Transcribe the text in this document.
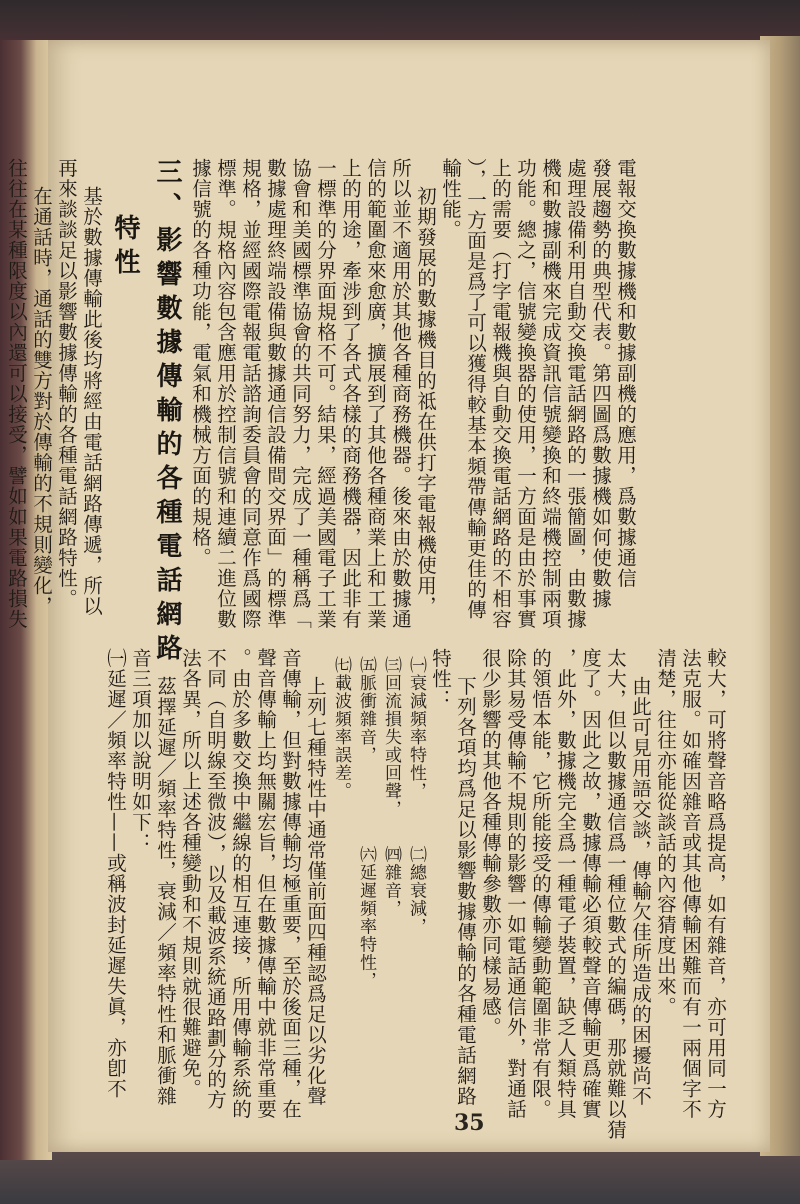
電報交換數據機和數據副機的應用，爲數據通信
發展趨勢的典型代表。第四圖爲數據機如何使數據
處理設備利用自動交換電話網路的一張簡圖，由數據
機和數據副機來完成資訊信號變換和終端機控制兩項
功能。總之，信號變換器的使用，一方面是由於事實
上的需要（打字電報機與自動交換電話網路的不相容
），一方面是爲了可以獲得較基本頻帶傳輸更佳的傳
輸性能。
初期發展的數據機目的祗在供打字電報機使用，
所以並不適用於其他各種商務機器。後來由於數據通
信的範圍愈來愈廣，擴展到了其他各種商業上和工業
上的用途，牽涉到了各式各樣的商務機器，因此非有
一標準的分界面規格不可。結果，經過美國電子工業
協會和美國標準協會的共同努力，完成了一種稱爲「
數據處理終端設備與數據通信設備間交界面」的標準
規格，並經國際電報電話諮詢委員會的同意作爲國際
標準。規格內容包含應用於控制信號和連續二進位數
據信號的各種功能，電氣和機械方面的規格。
三、影響數據傳輸的各種電話網路
特性
基於數據傳輸此後均將經由電話網路傳遞，所以
再來談談足以影響數據傳輸的各種電話網路特性。
在通話時，通話的雙方對於傳輸的不規則變化，
往往在某種限度以內還可以接受，譬如如果電路損失
較大，可將聲音略爲提高，如有雜音，亦可用同一方
法克服。如確因雜音或其他傳輸困難而有一兩個字不
清楚，往往亦能從談話的內容猜度出來。
由此可見用語交談，傳輸欠佳所造成的困擾尚不
太大，但以數據通信爲一種位數式的編碼，那就難以猜
度了。因此之故，數據傳輸必須較聲音傳輸更爲確實
，此外，數據機完全爲一種電子裝置，缺乏人類特具
的領悟本能，它所能接受的傳輸變動範圍非常有限。
除其易受傳輸不規則的影響一如電話通信外，對通話
很少影響的其他各種傳輸參數亦同樣易感。
下列各項均爲足以影響數據傳輸的各種電話網路
特性：
㈠衰減頻率特性，　　　㈡總衰減，
㈢回流損失或回聲，　　㈣雜音，
㈤脈衝雜音，　　　　　㈥延遲頻率特性，
㈦載波頻率誤差。
上列七種特性中通常僅前面四種認爲足以劣化聲
音傳輸，但對數據傳輸均極重要，至於後面三種，在
聲音傳輸上均無關宏旨，但在數據傳輸中就非常重要
。由於多數交換中繼線的相互連接，所用傳輸系統的
不同（自明線至微波），以及載波系統通路劃分的方
法各異，所以上述各種變動和不規則就很難避免。
茲擇延遲／頻率特性，衰減／頻率特性和脈衝雜
音三項加以說明如下：
㈠延遲／頻率特性——或稱波封延遲失眞，亦卽不
35
